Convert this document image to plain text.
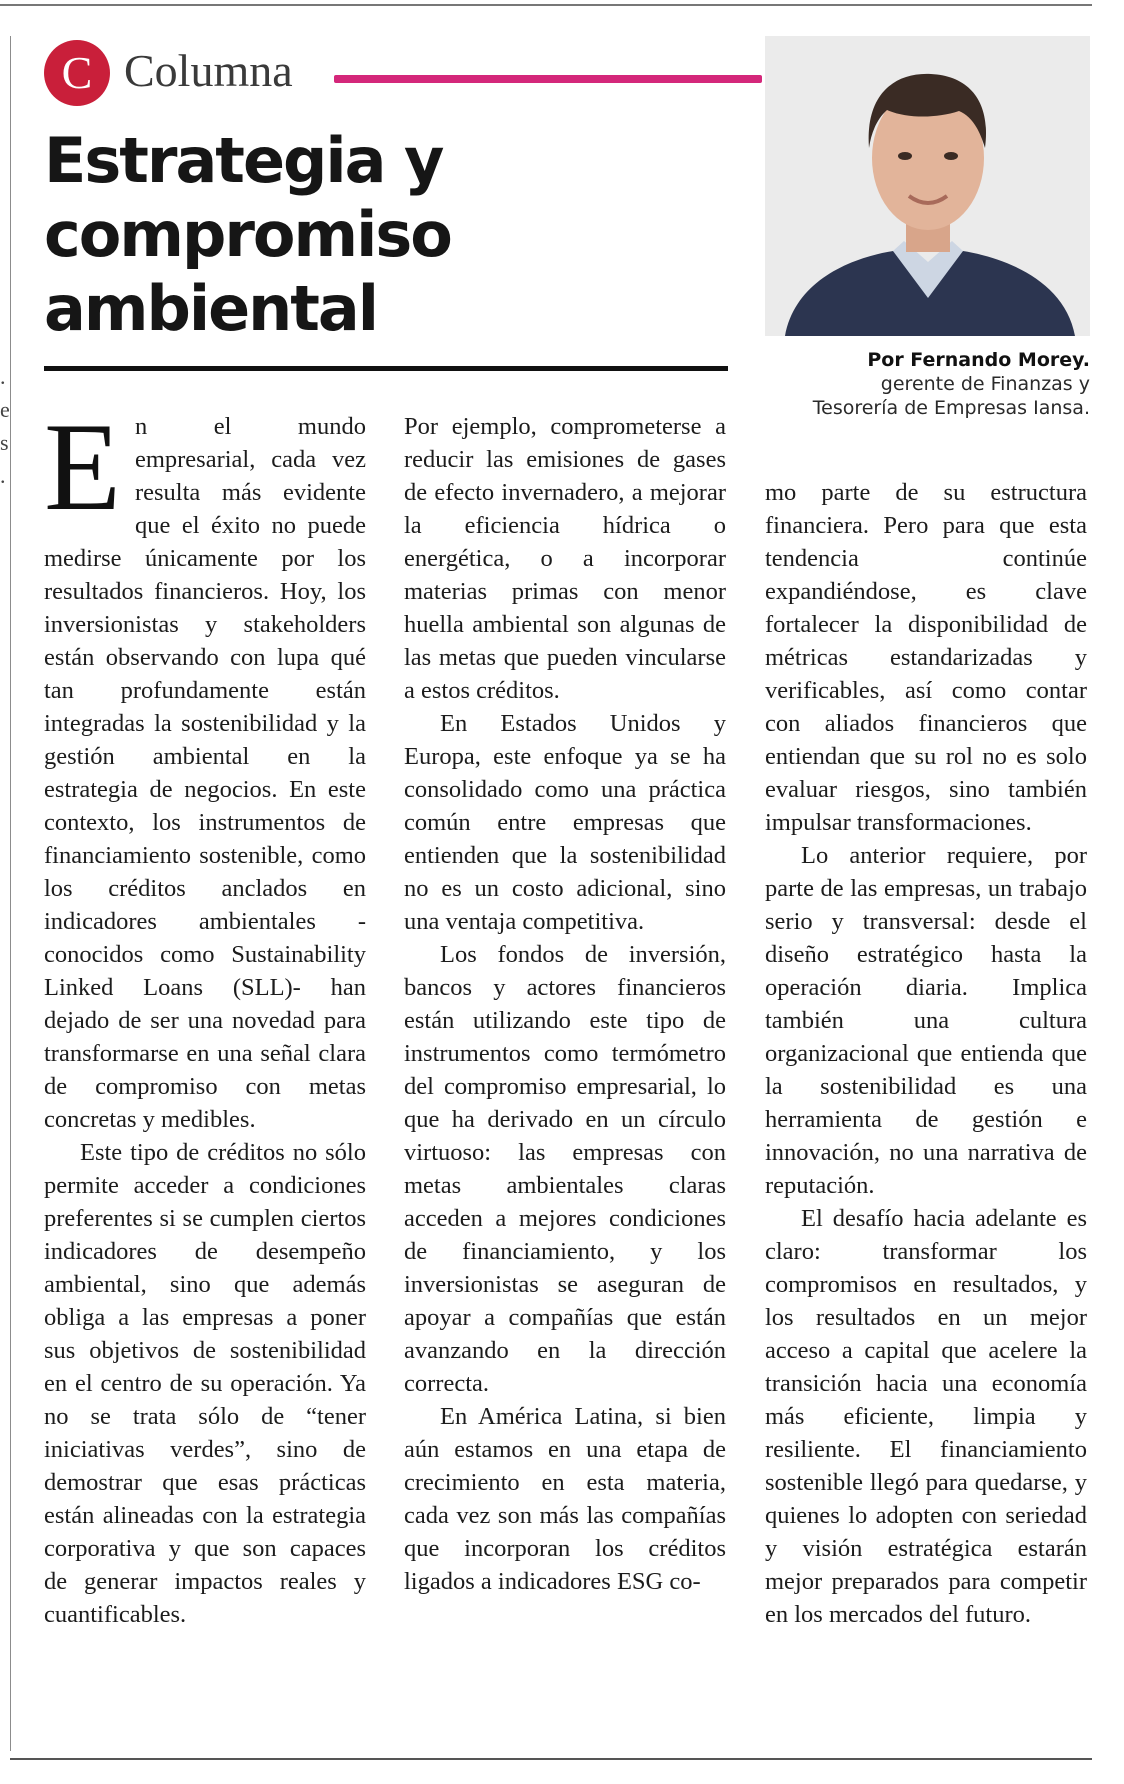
.
e
s
.
C Columna
Estrategia y
compromiso
ambiental
Por Fernando Morey.
gerente de Finanzas y
Tesorería de Empresas Iansa.

En el mundo empresarial, cada vez resulta más evidente que el éxito no puede medirse únicamente por los resultados financieros. Hoy, los inversionistas y stakeholders están observando con lupa qué tan profundamente están integradas la sostenibilidad y la gestión ambiental en la estrategia de negocios. En este contexto, los instrumentos de financiamiento sostenible, como los créditos anclados en indicadores ambientales -conocidos como Sustainability Linked Loans (SLL)- han dejado de ser una novedad para transformarse en una señal clara de compromiso con metas concretas y medibles.

Este tipo de créditos no sólo permite acceder a condiciones preferentes si se cumplen ciertos indicadores de desempeño ambiental, sino que además obliga a las empresas a poner sus objetivos de sostenibilidad en el centro de su operación. Ya no se trata sólo de “tener iniciativas verdes”, sino de demostrar que esas prácticas están alineadas con la estrategia corporativa y que son capaces de generar impactos reales y cuantificables.

Por ejemplo, comprometerse a reducir las emisiones de gases de efecto invernadero, a mejorar la eficiencia hídrica o energética, o a incorporar materias primas con menor huella ambiental son algunas de las metas que pueden vincularse a estos créditos.

En Estados Unidos y Europa, este enfoque ya se ha consolidado como una práctica común entre empresas que entienden que la sostenibilidad no es un costo adicional, sino una ventaja competitiva.

Los fondos de inversión, bancos y actores financieros están utilizando este tipo de instrumentos como termómetro del compromiso empresarial, lo que ha derivado en un círculo virtuoso: las empresas con metas ambientales claras acceden a mejores condiciones de financiamiento, y los inversionistas se aseguran de apoyar a compañías que están avanzando en la dirección correcta.

En América Latina, si bien aún estamos en una etapa de crecimiento en esta materia, cada vez son más las compañías que incorporan los créditos ligados a indicadores ESG co-

mo parte de su estructura financiera. Pero para que esta tendencia continúe expandiéndose, es clave fortalecer la disponibilidad de métricas estandarizadas y verificables, así como contar con aliados financieros que entiendan que su rol no es solo evaluar riesgos, sino también impulsar transformaciones.

Lo anterior requiere, por parte de las empresas, un trabajo serio y transversal: desde el diseño estratégico hasta la operación diaria. Implica también una cultura organizacional que entienda que la sostenibilidad es una herramienta de gestión e innovación, no una narrativa de reputación.

El desafío hacia adelante es claro: transformar los compromisos en resultados, y los resultados en un mejor acceso a capital que acelere la transición hacia una economía más eficiente, limpia y resiliente. El financiamiento sostenible llegó para quedarse, y quienes lo adopten con seriedad y visión estratégica estarán mejor preparados para competir en los mercados del futuro.
